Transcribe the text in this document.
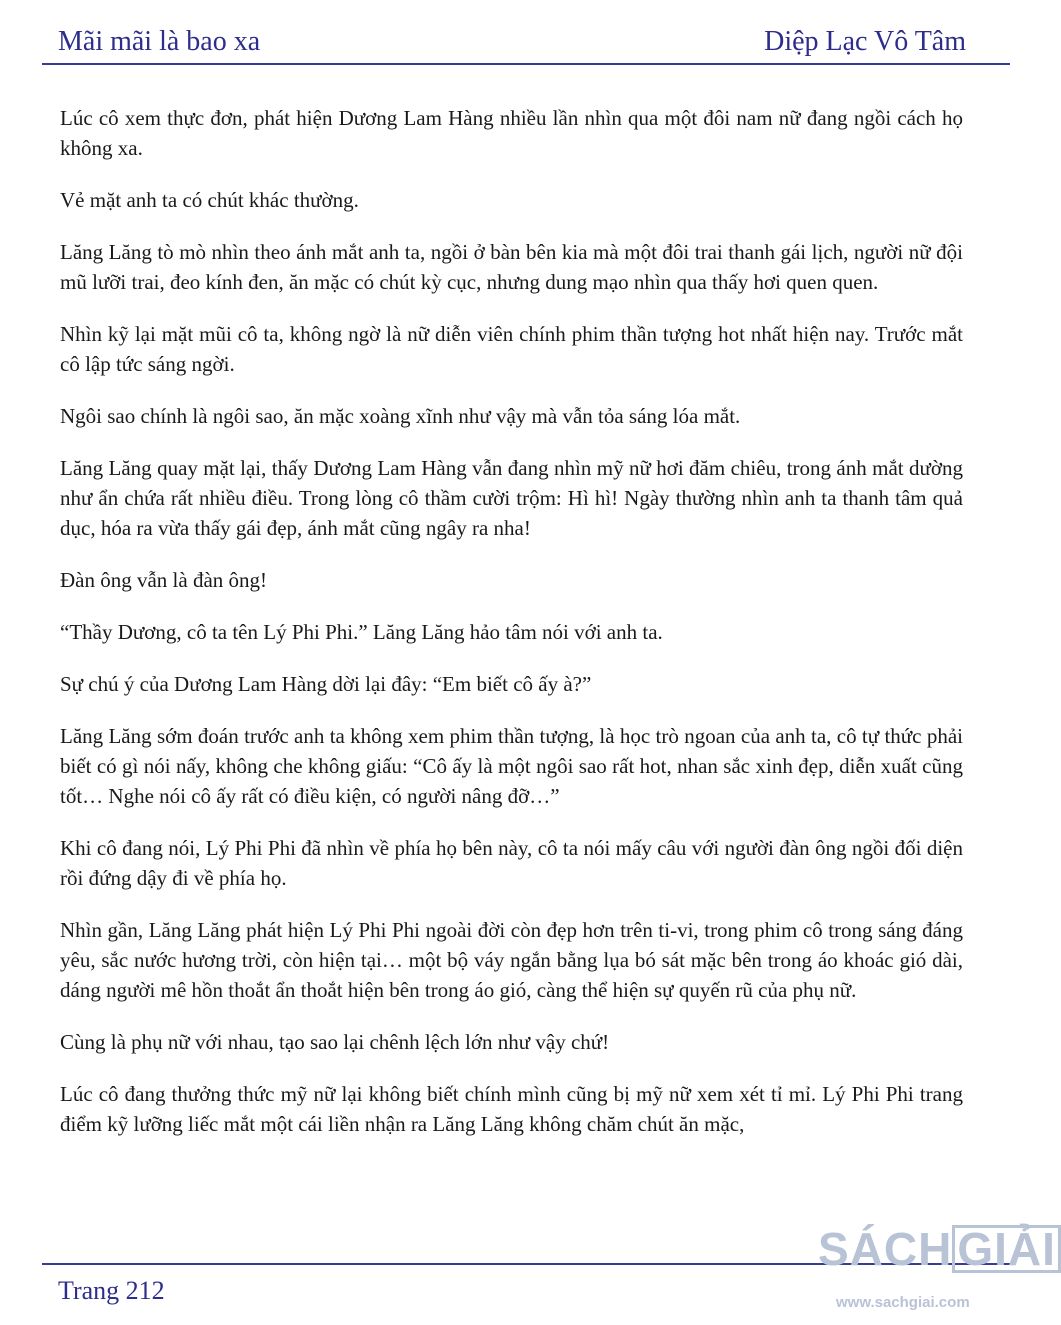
Mãi mãi là bao xa	Diệp Lạc Vô Tâm

Lúc cô xem thực đơn, phát hiện Dương Lam Hàng nhiều lần nhìn qua một đôi nam nữ đang ngồi cách họ không xa.

Vẻ mặt anh ta có chút khác thường.

Lăng Lăng tò mò nhìn theo ánh mắt anh ta, ngồi ở bàn bên kia mà một đôi trai thanh gái lịch, người nữ đội mũ lưỡi trai, đeo kính đen, ăn mặc có chút kỳ cục, nhưng dung mạo nhìn qua thấy hơi quen quen.

Nhìn kỹ lại mặt mũi cô ta, không ngờ là nữ diễn viên chính phim thần tượng hot nhất hiện nay. Trước mắt cô lập tức sáng ngời.

Ngôi sao chính là ngôi sao, ăn mặc xoàng xĩnh như vậy mà vẫn tỏa sáng lóa mắt.

Lăng Lăng quay mặt lại, thấy Dương Lam Hàng vẫn đang nhìn mỹ nữ hơi đăm chiêu, trong ánh mắt dường như ẩn chứa rất nhiều điều. Trong lòng cô thầm cười trộm: Hì hì! Ngày thường nhìn anh ta thanh tâm quả dục, hóa ra vừa thấy gái đẹp, ánh mắt cũng ngây ra nha!

Đàn ông vẫn là đàn ông!

“Thầy Dương, cô ta tên Lý Phi Phi.” Lăng Lăng hảo tâm nói với anh ta.

Sự chú ý của Dương Lam Hàng dời lại đây: “Em biết cô ấy à?”

Lăng Lăng sớm đoán trước anh ta không xem phim thần tượng, là học trò ngoan của anh ta, cô tự thức phải biết có gì nói nấy, không che không giấu: “Cô ấy là một ngôi sao rất hot, nhan sắc xinh đẹp, diễn xuất cũng tốt… Nghe nói cô ấy rất có điều kiện, có người nâng đỡ…”

Khi cô đang nói, Lý Phi Phi đã nhìn về phía họ bên này, cô ta nói mấy câu với người đàn ông ngồi đối diện rồi đứng dậy đi về phía họ.

Nhìn gần, Lăng Lăng phát hiện Lý Phi Phi ngoài đời còn đẹp hơn trên ti-vi, trong phim cô trong sáng đáng yêu, sắc nước hương trời, còn hiện tại… một bộ váy ngắn bằng lụa bó sát mặc bên trong áo khoác gió dài, dáng người mê hồn thoắt ẩn thoắt hiện bên trong áo gió, càng thể hiện sự quyến rũ của phụ nữ.

Cùng là phụ nữ với nhau, tạo sao lại chênh lệch lớn như vậy chứ!

Lúc cô đang thưởng thức mỹ nữ lại không biết chính mình cũng bị mỹ nữ xem xét tỉ mỉ. Lý Phi Phi trang điểm kỹ lưỡng liếc mắt một cái liền nhận ra Lăng Lăng không chăm chút ăn mặc,

Trang 212
SÁCH GIẢI
www.sachgiai.com
